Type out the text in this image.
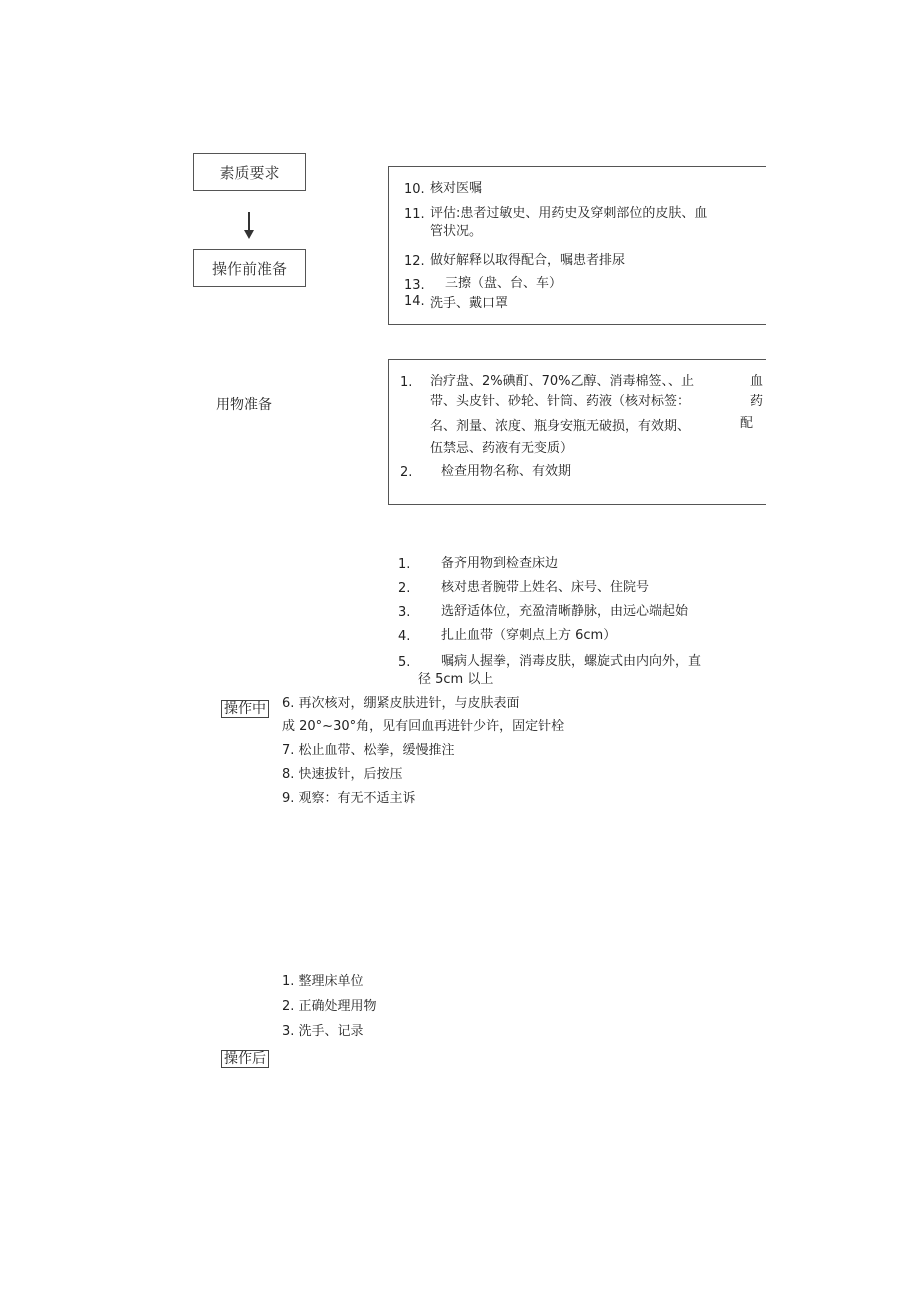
素质要求
操作前准备
10. 核对医嘱
11. 评估:患者过敏史、用药史及穿刺部位的皮肤、血
管状况。
12. 做好解释以取得配合，嘱患者排尿
13. 三擦（盘、台、车）
14. 洗手、戴口罩
用物准备
1. 治疗盘、2%碘酊、70%乙醇、消毒棉签、、止
带、头皮针、砂轮、针筒、药液（核对标签：
名、剂量、浓度、瓶身安瓶无破损，有效期、
伍禁忌、药液有无变质）
血
药
配
2. 检查用物名称、有效期
1. 备齐用物到检查床边
2. 核对患者腕带上姓名、床号、住院号
3. 选舒适体位，充盈清晰静脉，由远心端起始
4. 扎止血带（穿刺点上方 6cm）
5. 嘱病人握拳，消毒皮肤，螺旋式由内向外，直
径 5cm 以上
操作中 6. 再次核对，绷紧皮肤进针，与皮肤表面
成 20°~30°角，见有回血再进针少许，固定针栓
7. 松止血带、松拳，缓慢推注
8. 快速拔针，后按压
9. 观察：有无不适主诉
1. 整理床单位
2. 正确处理用物
3. 洗手、记录
操作后
